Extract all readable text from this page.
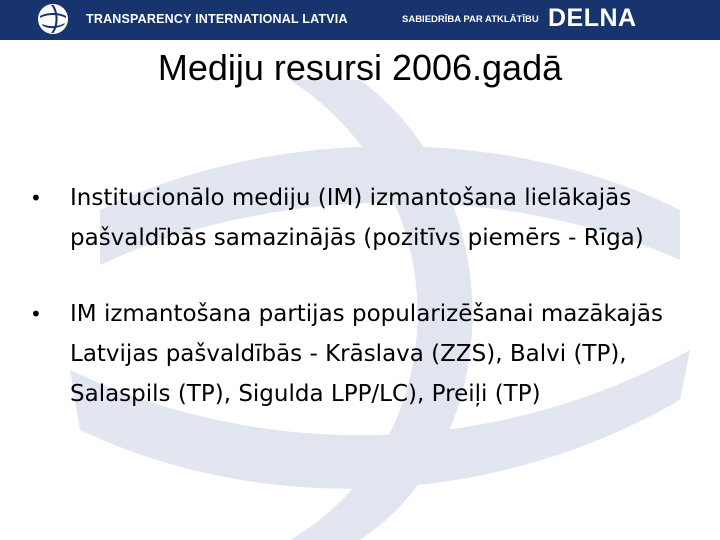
TRANSPARENCY INTERNATIONAL LATVIA	SABIEDRĪBA PAR ATKLĀTĪBU DELNA
Mediju resursi 2006.gadā
• Institucionālo mediju (IM) izmantošana lielākajās pašvaldībās samazinājās (pozitīvs piemērs - Rīga)
• IM izmantošana partijas popularizēšanai mazākajās Latvijas pašvaldībās - Krāslava (ZZS), Balvi (TP), Salaspils (TP), Sigulda LPP/LC), Preiļi (TP)
